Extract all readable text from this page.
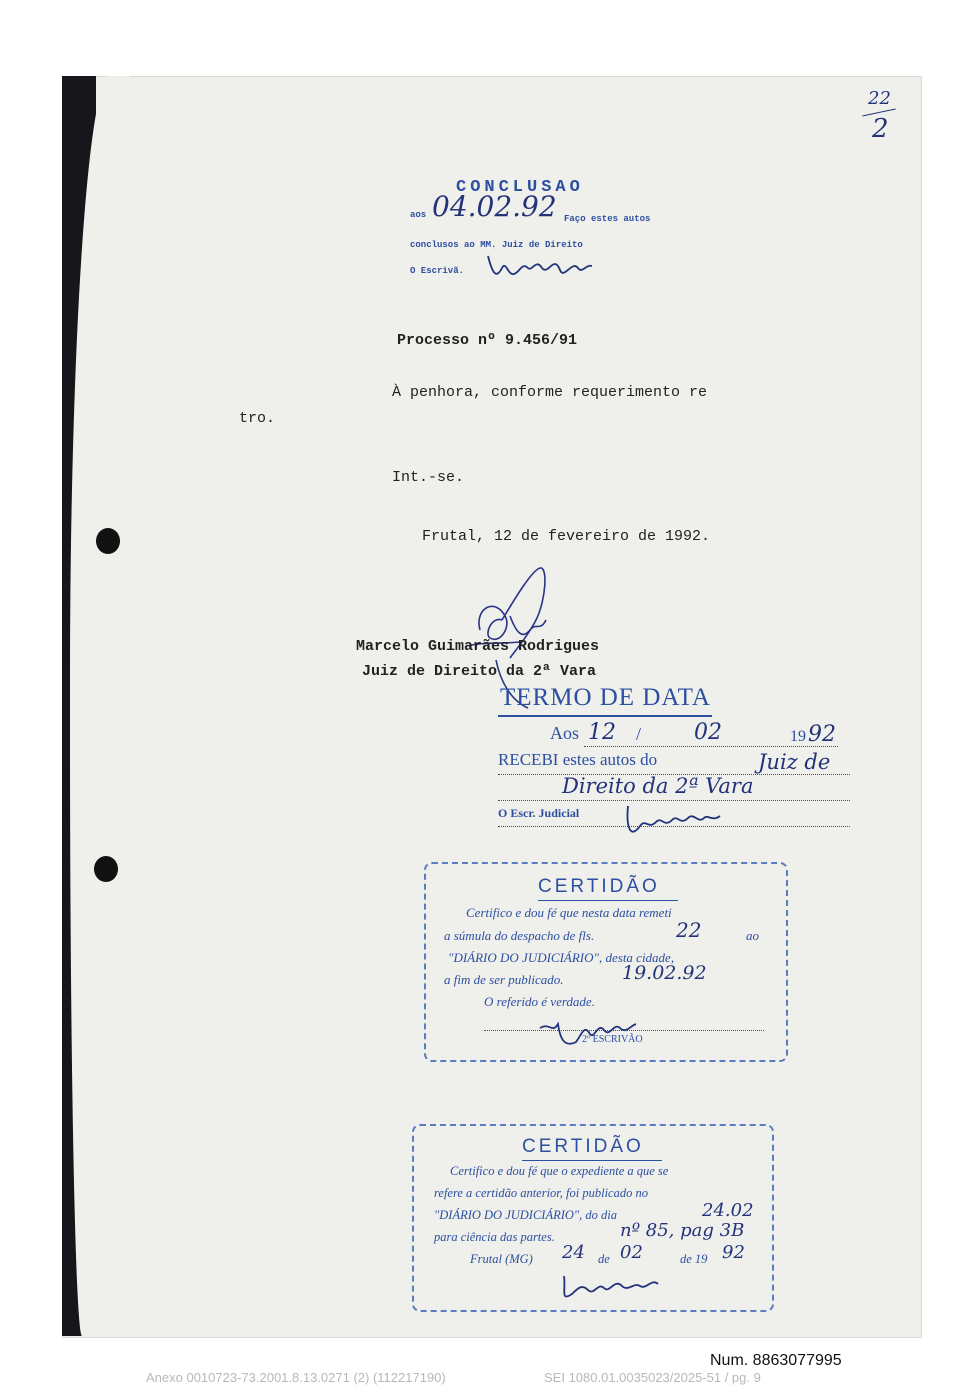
22
2
CONCLUSAO
aos 04.02.92 Faço estes autos
conclusos ao MM. Juiz de Direito
O Escrivã.
Processo nº 9.456/91
À penhora, conforme requerimento re
tro.
Int.-se.
Frutal, 12 de fevereiro de 1992.
Marcelo Guimarães Rodrigues
Juiz de Direito da 2ª Vara
TERMO DE DATA
Aos 12 / 02	19 92
RECEBI estes autos do	Juiz de
Direito da 2ª Vara
O Escr. Judicial
CERTIDÃO
Certifico e dou fé que nesta data remeti
a súmula do despacho de fls.	22	ao
"DIÁRIO DO JUDICIÁRIO", desta cidade,
a fim de ser publicado.	19.02.92
O referido é verdade.
2º ESCRIVÃO
CERTIDÃO
Certifico e dou fé que o expediente a que se
refere a certidão anterior, foi publicado no
"DIÁRIO DO JUDICIÁRIO", do dia	24.02
para ciência das partes.	nº 85, pag 3B
Frutal (MG) 24 de 02	de 19 92
Num. 8863077995
Anexo 0010723-73.2001.8.13.0271 (2) (112217190)	SEI 1080.01.0035023/2025-51 / pg. 9
